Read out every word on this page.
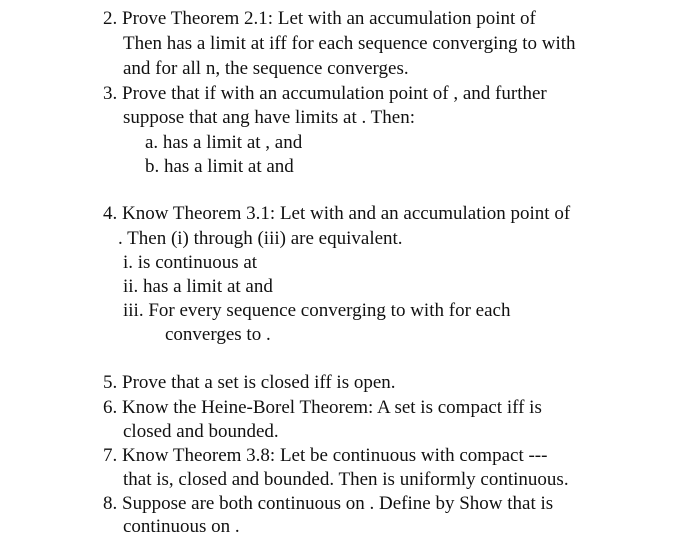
2. Prove Theorem 2.1: Let with an accumulation point of
Then has a limit at iff for each sequence converging to with
and for all n, the sequence converges.
3. Prove that if with an accumulation point of , and further
suppose that ang have limits at . Then:
a. has a limit at , and
b. has a limit at and
4. Know Theorem 3.1: Let with and an accumulation point of
. Then (i) through (iii) are equivalent.
i. is continuous at
ii. has a limit at and
iii. For every sequence converging to with for each
converges to .
5. Prove that a set is closed iff is open.
6. Know the Heine-Borel Theorem: A set is compact iff is
closed and bounded.
7. Know Theorem 3.8: Let be continuous with compact ---
that is, closed and bounded. Then is uniformly continuous.
8. Suppose are both continuous on . Define by Show that is
continuous on .
